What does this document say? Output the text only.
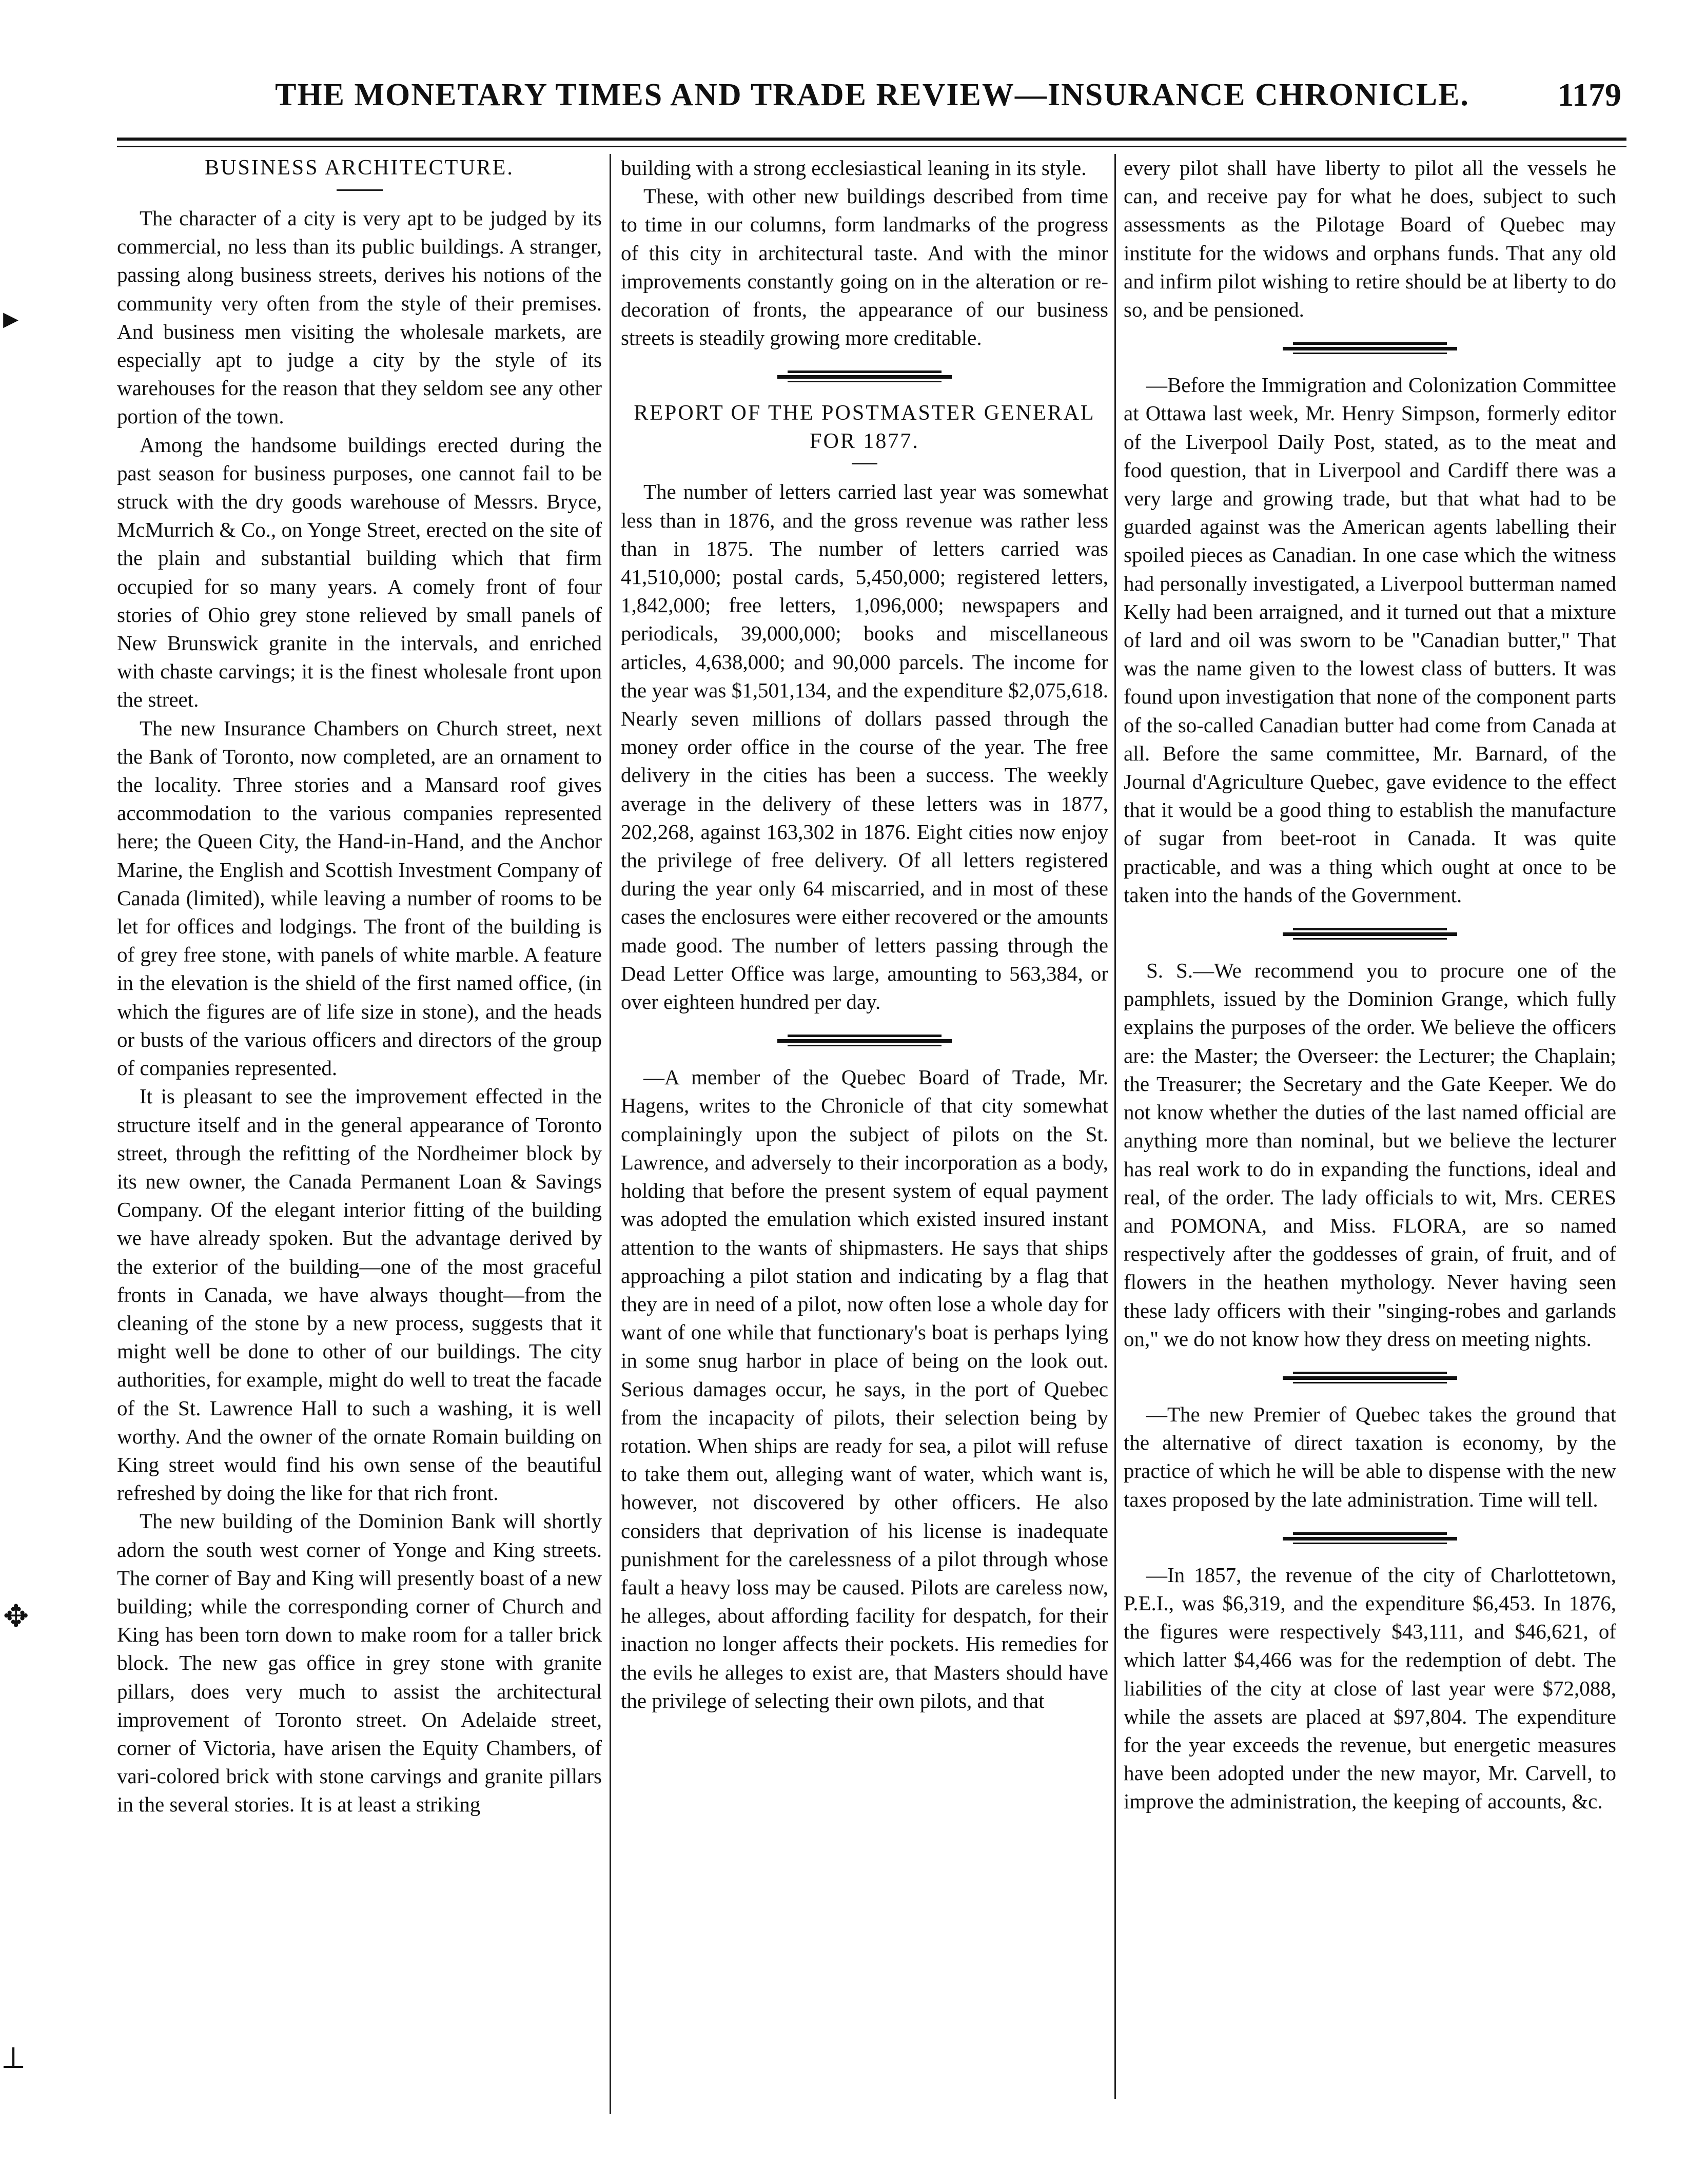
THE MONETARY TIMES AND TRADE REVIEW—INSURANCE CHRONICLE.	1179
▸
✥
⟂

BUSINESS ARCHITECTURE.

The character of a city is very apt to be judged by its commercial, no less than its public buildings. A stranger, passing along business streets, derives his notions of the community very often from the style of their premises. And business men visiting the wholesale markets, are especially apt to judge a city by the style of its warehouses for the reason that they seldom see any other portion of the town.

Among the handsome buildings erected during the past season for business purposes, one cannot fail to be struck with the dry goods warehouse of Messrs. Bryce, McMurrich & Co., on Yonge Street, erected on the site of the plain and substantial building which that firm occupied for so many years. A comely front of four stories of Ohio grey stone relieved by small panels of New Brunswick granite in the intervals, and enriched with chaste carvings; it is the finest wholesale front upon the street.

The new Insurance Chambers on Church street, next the Bank of Toronto, now completed, are an ornament to the locality. Three stories and a Mansard roof gives accommodation to the various companies represented here; the Queen City, the Hand-in-Hand, and the Anchor Marine, the English and Scottish Investment Company of Canada (limited), while leaving a number of rooms to be let for offices and lodgings. The front of the building is of grey free stone, with panels of white marble. A feature in the elevation is the shield of the first named office, (in which the figures are of life size in stone), and the heads or busts of the various officers and directors of the group of companies represented.

It is pleasant to see the improvement effected in the structure itself and in the general appearance of Toronto street, through the refitting of the Nordheimer block by its new owner, the Canada Permanent Loan & Savings Company. Of the elegant interior fitting of the building we have already spoken. But the advantage derived by the exterior of the building—one of the most graceful fronts in Canada, we have always thought—from the cleaning of the stone by a new process, suggests that it might well be done to other of our buildings. The city authorities, for example, might do well to treat the facade of the St. Lawrence Hall to such a washing, it is well worthy. And the owner of the ornate Romain building on King street would find his own sense of the beautiful refreshed by doing the like for that rich front.

The new building of the Dominion Bank will shortly adorn the south west corner of Yonge and King streets. The corner of Bay and King will presently boast of a new building; while the corresponding corner of Church and King has been torn down to make room for a taller brick block. The new gas office in grey stone with granite pillars, does very much to assist the architectural improvement of Toronto street. On Adelaide street, corner of Victoria, have arisen the Equity Chambers, of vari-colored brick with stone carvings and granite pillars in the several stories. It is at least a striking

building with a strong ecclesiastical leaning in its style.

These, with other new buildings described from time to time in our columns, form landmarks of the progress of this city in architectural taste. And with the minor improvements constantly going on in the alteration or re-decoration of fronts, the appearance of our business streets is steadily growing more creditable.

REPORT OF THE POSTMASTER GENERAL FOR 1877.

The number of letters carried last year was somewhat less than in 1876, and the gross revenue was rather less than in 1875. The number of letters carried was 41,510,000; postal cards, 5,450,000; registered letters, 1,842,000; free letters, 1,096,000; newspapers and periodicals, 39,000,000; books and miscellaneous articles, 4,638,000; and 90,000 parcels. The income for the year was $1,501,134, and the expenditure $2,075,618. Nearly seven millions of dollars passed through the money order office in the course of the year. The free delivery in the cities has been a success. The weekly average in the delivery of these letters was in 1877, 202,268, against 163,302 in 1876. Eight cities now enjoy the privilege of free delivery. Of all letters registered during the year only 64 miscarried, and in most of these cases the enclosures were either recovered or the amounts made good. The number of letters passing through the Dead Letter Office was large, amounting to 563,384, or over eighteen hundred per day.

—A member of the Quebec Board of Trade, Mr. Hagens, writes to the Chronicle of that city somewhat complainingly upon the subject of pilots on the St. Lawrence, and adversely to their incorporation as a body, holding that before the present system of equal payment was adopted the emulation which existed insured instant attention to the wants of shipmasters. He says that ships approaching a pilot station and indicating by a flag that they are in need of a pilot, now often lose a whole day for want of one while that functionary's boat is perhaps lying in some snug harbor in place of being on the look out. Serious damages occur, he says, in the port of Quebec from the incapacity of pilots, their selection being by rotation. When ships are ready for sea, a pilot will refuse to take them out, alleging want of water, which want is, however, not discovered by other officers. He also considers that deprivation of his license is inadequate punishment for the carelessness of a pilot through whose fault a heavy loss may be caused. Pilots are careless now, he alleges, about affording facility for despatch, for their inaction no longer affects their pockets. His remedies for the evils he alleges to exist are, that Masters should have the privilege of selecting their own pilots, and that

every pilot shall have liberty to pilot all the vessels he can, and receive pay for what he does, subject to such assessments as the Pilotage Board of Quebec may institute for the widows and orphans funds. That any old and infirm pilot wishing to retire should be at liberty to do so, and be pensioned.

—Before the Immigration and Colonization Committee at Ottawa last week, Mr. Henry Simpson, formerly editor of the Liverpool Daily Post, stated, as to the meat and food question, that in Liverpool and Cardiff there was a very large and growing trade, but that what had to be guarded against was the American agents labelling their spoiled pieces as Canadian. In one case which the witness had personally investigated, a Liverpool butterman named Kelly had been arraigned, and it turned out that a mixture of lard and oil was sworn to be "Canadian butter," That was the name given to the lowest class of butters. It was found upon investigation that none of the component parts of the so-called Canadian butter had come from Canada at all. Before the same committee, Mr. Barnard, of the Journal d'Agriculture Quebec, gave evidence to the effect that it would be a good thing to establish the manufacture of sugar from beet-root in Canada. It was quite practicable, and was a thing which ought at once to be taken into the hands of the Government.

S. S.—We recommend you to procure one of the pamphlets, issued by the Dominion Grange, which fully explains the purposes of the order. We believe the officers are: the Master; the Overseer: the Lecturer; the Chaplain; the Treasurer; the Secretary and the Gate Keeper. We do not know whether the duties of the last named official are anything more than nominal, but we believe the lecturer has real work to do in expanding the functions, ideal and real, of the order. The lady officials to wit, Mrs. CERES and POMONA, and Miss. FLORA, are so named respectively after the goddesses of grain, of fruit, and of flowers in the heathen mythology. Never having seen these lady officers with their "singing-robes and garlands on," we do not know how they dress on meeting nights.

—The new Premier of Quebec takes the ground that the alternative of direct taxation is economy, by the practice of which he will be able to dispense with the new taxes proposed by the late administration. Time will tell.

—In 1857, the revenue of the city of Charlottetown, P.E.I., was $6,319, and the expenditure $6,453. In 1876, the figures were respectively $43,111, and $46,621, of which latter $4,466 was for the redemption of debt. The liabilities of the city at close of last year were $72,088, while the assets are placed at $97,804. The expenditure for the year exceeds the revenue, but energetic measures have been adopted under the new mayor, Mr. Carvell, to improve the administration, the keeping of accounts, &c.
